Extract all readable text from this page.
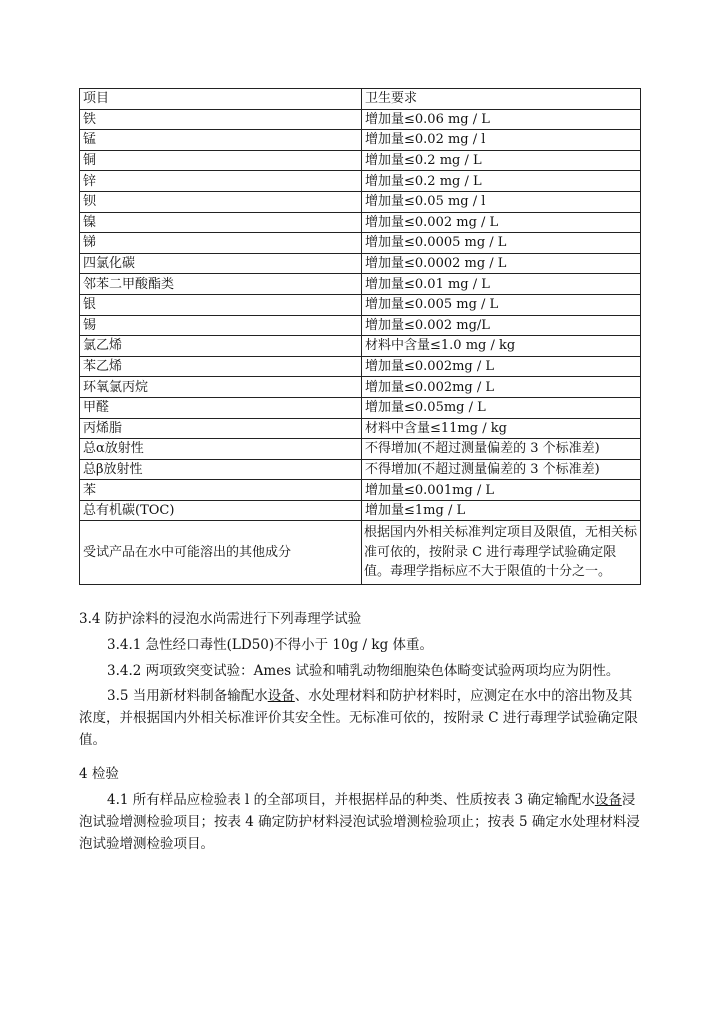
项目	卫生要求
铁	增加量≤0.06 mg / L
锰	增加量≤0.02 mg / l
铜	增加量≤0.2 mg / L
锌	增加量≤0.2 mg / L
钡	增加量≤0.05 mg / l
镍	增加量≤0.002 mg / L
锑	增加量≤0.0005 mg / L
四氯化碳	增加量≤0.0002 mg / L
邻苯二甲酸酯类	增加量≤0.01 mg / L
银	增加量≤0.005 mg / L
锡	增加量≤0.002 mg/L
氯乙烯	材料中含量≤1.0 mg / kg
苯乙烯	增加量≤0.002mg / L
环氧氯丙烷	增加量≤0.002mg / L
甲醛	增加量≤0.05mg / L
丙烯脂	材料中含量≤11mg / kg
总α放射性	不得增加(不超过测量偏差的 3 个标准差)
总β放射性	不得增加(不超过测量偏差的 3 个标准差)
苯	增加量≤0.001mg / L
总有机碳(TOC)	增加量≤1mg / L
受试产品在水中可能溶出的其他成分	根据国内外相关标准判定项目及限值，无相关标准可依的，按附录 C 进行毒理学试验确定限值。毒理学指标应不大于限值的十分之一。
3.4 防护涂料的浸泡水尚需进行下列毒理学试验
3.4.1 急性经口毒性(LD50)不得小于 10g / kg 体重。
3.4.2 两项致突变试验：Ames 试验和哺乳动物细胞染色体畸变试验两项均应为阴性。
3.5 当用新材料制备输配水设备、水处理材料和防护材料时，应测定在水中的溶出物及其浓度，并根据国内外相关标准评价其安全性。无标准可依的，按附录 C 进行毒理学试验确定限值。
4 检验
4.1 所有样品应检验表 l 的全部项目，并根据样品的种类、性质按表 3 确定输配水设备浸泡试验增测检验项目；按表 4 确定防护材料浸泡试验增测检验项止；按表 5 确定水处理材料浸泡试验增测检验项目。
